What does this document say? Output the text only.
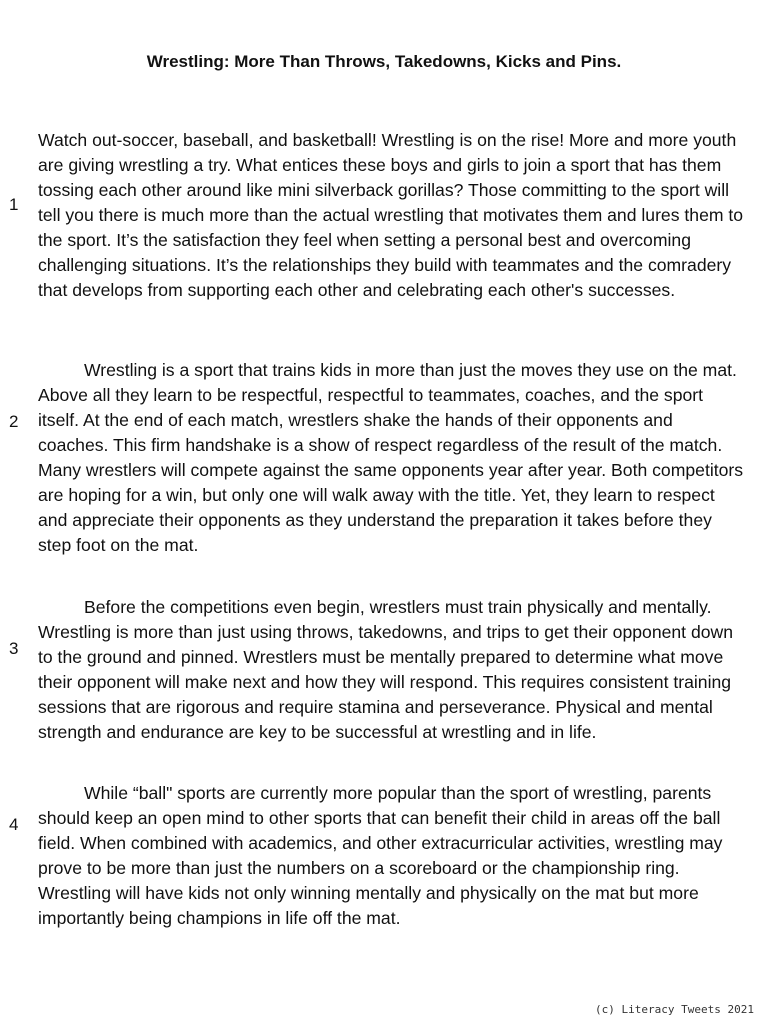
Wrestling: More Than Throws, Takedowns, Kicks and Pins.
1

Watch out-soccer, baseball, and basketball! Wrestling is on the rise! More and more youth are giving wrestling a try. What entices these boys and girls to join a sport that has them tossing each other around like mini silverback gorillas? Those committing to the sport will tell you there is much more than the actual wrestling that motivates them and lures them to the sport. It’s the satisfaction they feel when setting a personal best and overcoming challenging situations. It’s the relationships they build with teammates and the comradery that develops from supporting each other and celebrating each other's successes.

2

Wrestling is a sport that trains kids in more than just the moves they use on the mat. Above all they learn to be respectful, respectful to teammates, coaches, and the sport itself. At the end of each match, wrestlers shake the hands of their opponents and coaches. This firm handshake is a show of respect regardless of the result of the match. Many wrestlers will compete against the same opponents year after year. Both competitors are hoping for a win, but only one will walk away with the title. Yet, they learn to respect and appreciate their opponents as they understand the preparation it takes before they step foot on the mat.

3

Before the competitions even begin, wrestlers must train physically and mentally. Wrestling is more than just using throws, takedowns, and trips to get their opponent down to the ground and pinned. Wrestlers must be mentally prepared to determine what move their opponent will make next and how they will respond. This requires consistent training sessions that are rigorous and require stamina and perseverance. Physical and mental strength and endurance are key to be successful at wrestling and in life.

4

While “ball" sports are currently more popular than the sport of wrestling, parents should keep an open mind to other sports that can benefit their child in areas off the ball field. When combined with academics, and other extracurricular activities, wrestling may prove to be more than just the numbers on a scoreboard or the championship ring. Wrestling will have kids not only winning mentally and physically on the mat but more importantly being champions in life off the mat.

(c) Literacy Tweets 2021
